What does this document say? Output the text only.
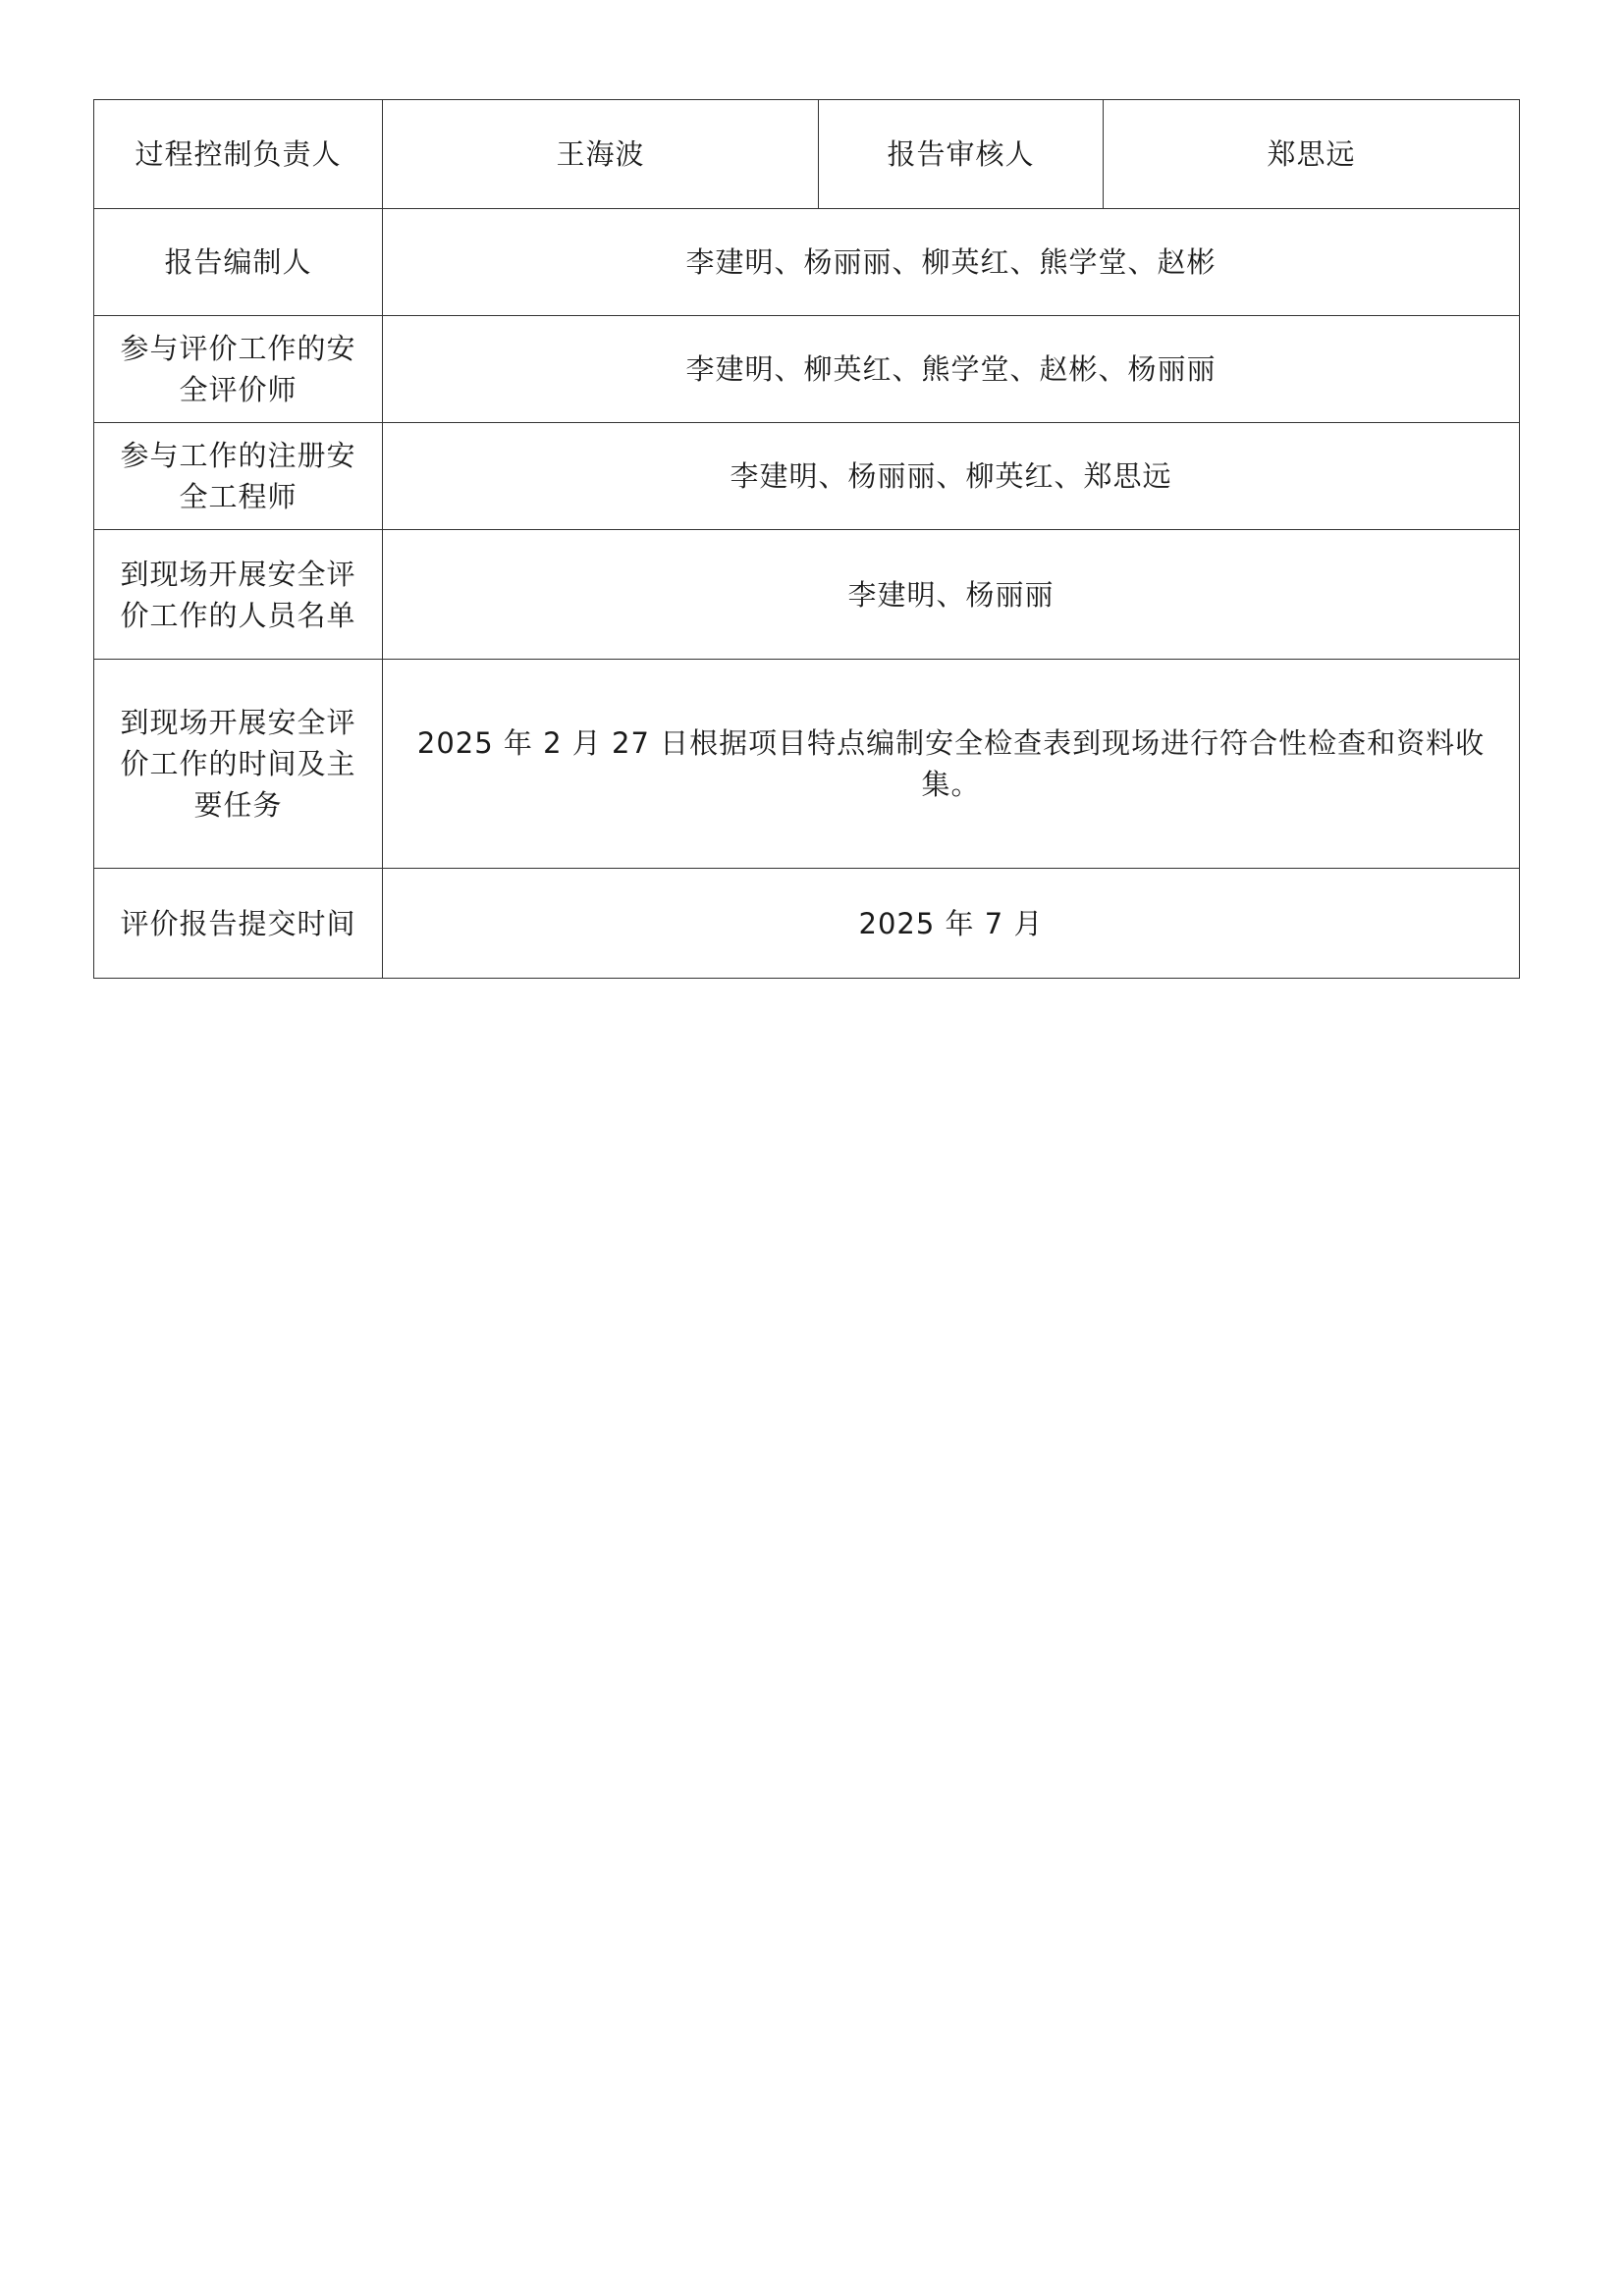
过程控制负责人	王海波	报告审核人	郑思远
报告编制人	李建明、杨丽丽、柳英红、熊学堂、赵彬		
参与评价工作的安全评价师	李建明、柳英红、熊学堂、赵彬、杨丽丽		
参与工作的注册安全工程师	李建明、杨丽丽、柳英红、郑思远		
到现场开展安全评价工作的人员名单	李建明、杨丽丽		
到现场开展安全评价工作的时间及主要任务	2025 年 2 月 27 日根据项目特点编制安全检查表到现场进行符合性检查和资料收集。		
评价报告提交时间	2025 年 7 月		
